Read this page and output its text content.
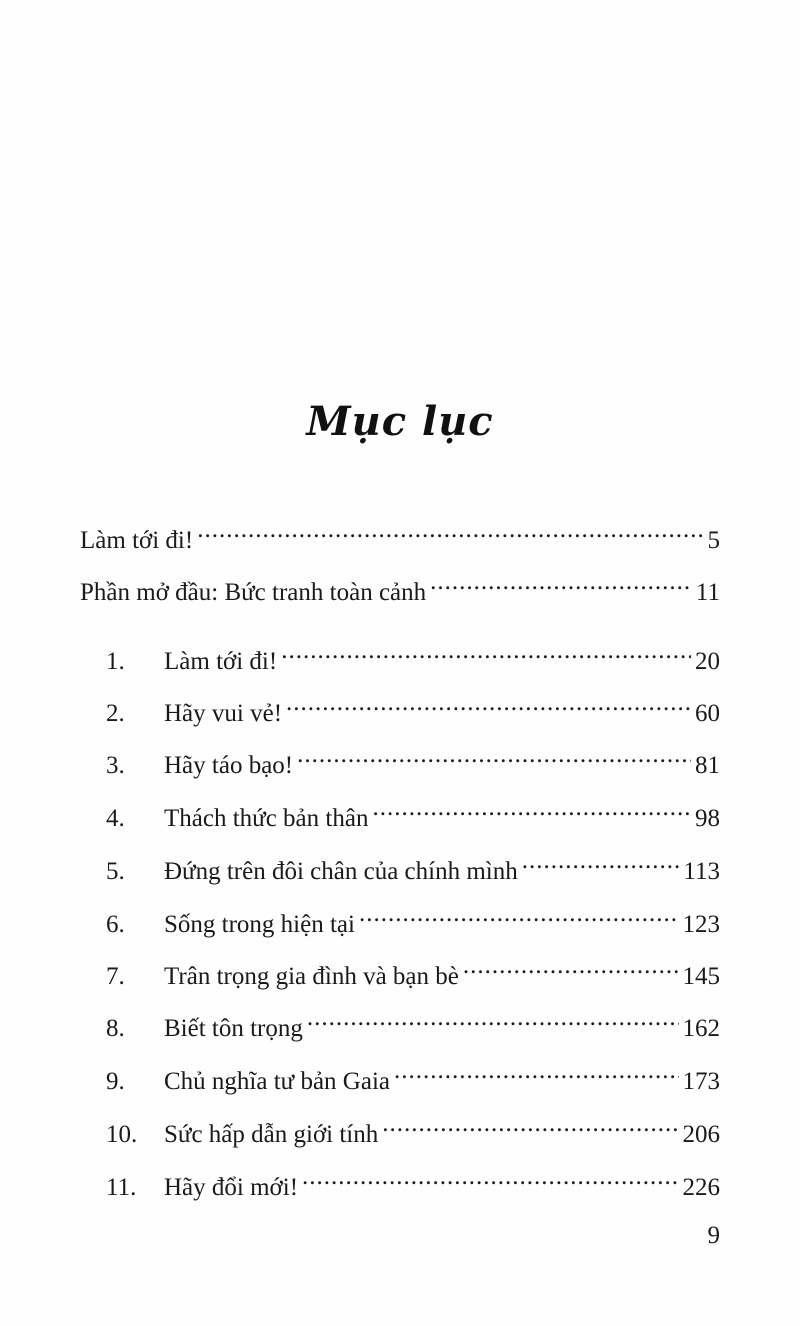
Mục lục
Làm tới đi! .....	5
Phần mở đầu: Bức tranh toàn cảnh .....	11
1.	Làm tới đi! .....	20
2.	Hãy vui vẻ! .....	60
3.	Hãy táo bạo! .....	81
4.	Thách thức bản thân .....	98
5.	Đứng trên đôi chân của chính mình .....	113
6.	Sống trong hiện tại .....	123
7.	Trân trọng gia đình và bạn bè .....	145
8.	Biết tôn trọng .....	162
9.	Chủ nghĩa tư bản Gaia .....	173
10.	Sức hấp dẫn giới tính .....	206
11.	Hãy đổi mới! .....	226
9
